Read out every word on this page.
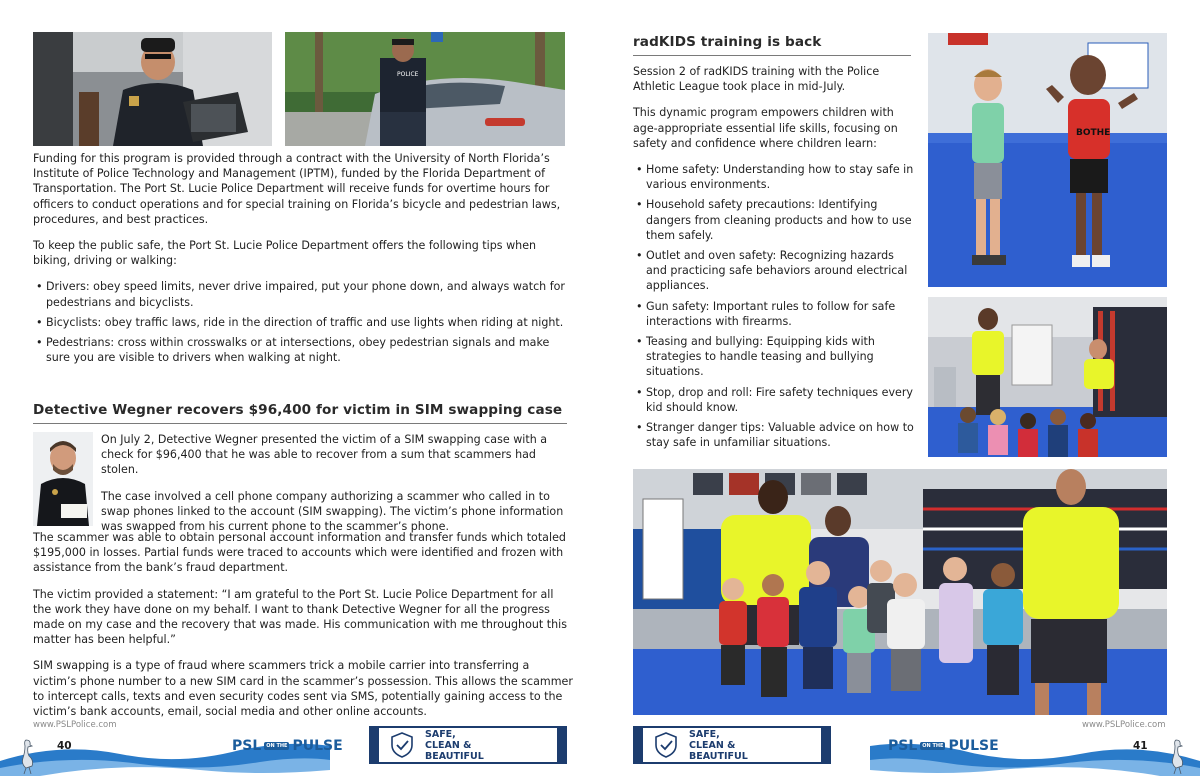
POLICE

Funding for this program is provided through a contract with the University of North Florida’s Institute of Police Technology and Management (IPTM), funded by the Florida Department of Transportation. The Port St. Lucie Police Department will receive funds for overtime hours for officers to conduct operations and for special training on Florida’s bicycle and pedestrian laws, procedures, and best practices.

To keep the public safe, the Port St. Lucie Police Department offers the following tips when biking, driving or walking:

• Drivers: obey speed limits, never drive impaired, put your phone down, and always watch for pedestrians and bicyclists.
• Bicyclists: obey traffic laws, ride in the direction of traffic and use lights when riding at night.
• Pedestrians: cross within crosswalks or at intersections, obey pedestrian signals and make sure you are visible to drivers when walking at night.
Detective Wegner recovers $96,400 for victim in SIM swapping case

On July 2, Detective Wegner presented the victim of a SIM swapping case with a check for $96,400 that he was able to recover from a sum that scammers had stolen.

The case involved a cell phone company authorizing a scammer who called in to swap phones linked to the account (SIM swapping). The victim’s phone information was swapped from his current phone to the scammer’s phone.

The scammer was able to obtain personal account information and transfer funds which totaled $195,000 in losses. Partial funds were traced to accounts which were identified and frozen with assistance from the bank’s fraud department.

The victim provided a statement: “I am grateful to the Port St. Lucie Police Department for all the work they have done on my behalf. I want to thank Detective Wegner for all the progress made on my case and the recovery that was made. His communication with me throughout this matter has been helpful.”

SIM swapping is a type of fraud where scammers trick a mobile carrier into transferring a victim’s phone number to a new SIM card in the scammer’s possession. This allows the scammer to intercept calls, texts and even security codes sent via SMS, potentially gaining access to the victim’s bank accounts, email, social media and other online accounts.

www.PSLPolice.com
40	PSL	ON THE PULSE
SAFE,
CLEAN &
BEAUTIFUL
radKIDS training is back

Session 2 of radKIDS training with the Police Athletic League took place in mid-July.

This dynamic program empowers children with age-appropriate essential life skills, focusing on safety and confidence where children learn:

• Home safety: Understanding how to stay safe in various environments.
• Household safety precautions: Identifying dangers from cleaning products and how to use them safely.
• Outlet and oven safety: Recognizing hazards and practicing safe behaviors around electrical appliances.
• Gun safety: Important rules to follow for safe interactions with firearms.
• Teasing and bullying: Equipping kids with strategies to handle teasing and bullying situations.
• Stop, drop and roll: Fire safety techniques every kid should know.
• Stranger danger tips: Valuable advice on how to stay safe in unfamiliar situations.
BOTHE
www.PSLPolice.com
41
PSL	ON THE PULSE
SAFE,
CLEAN &
BEAUTIFUL
